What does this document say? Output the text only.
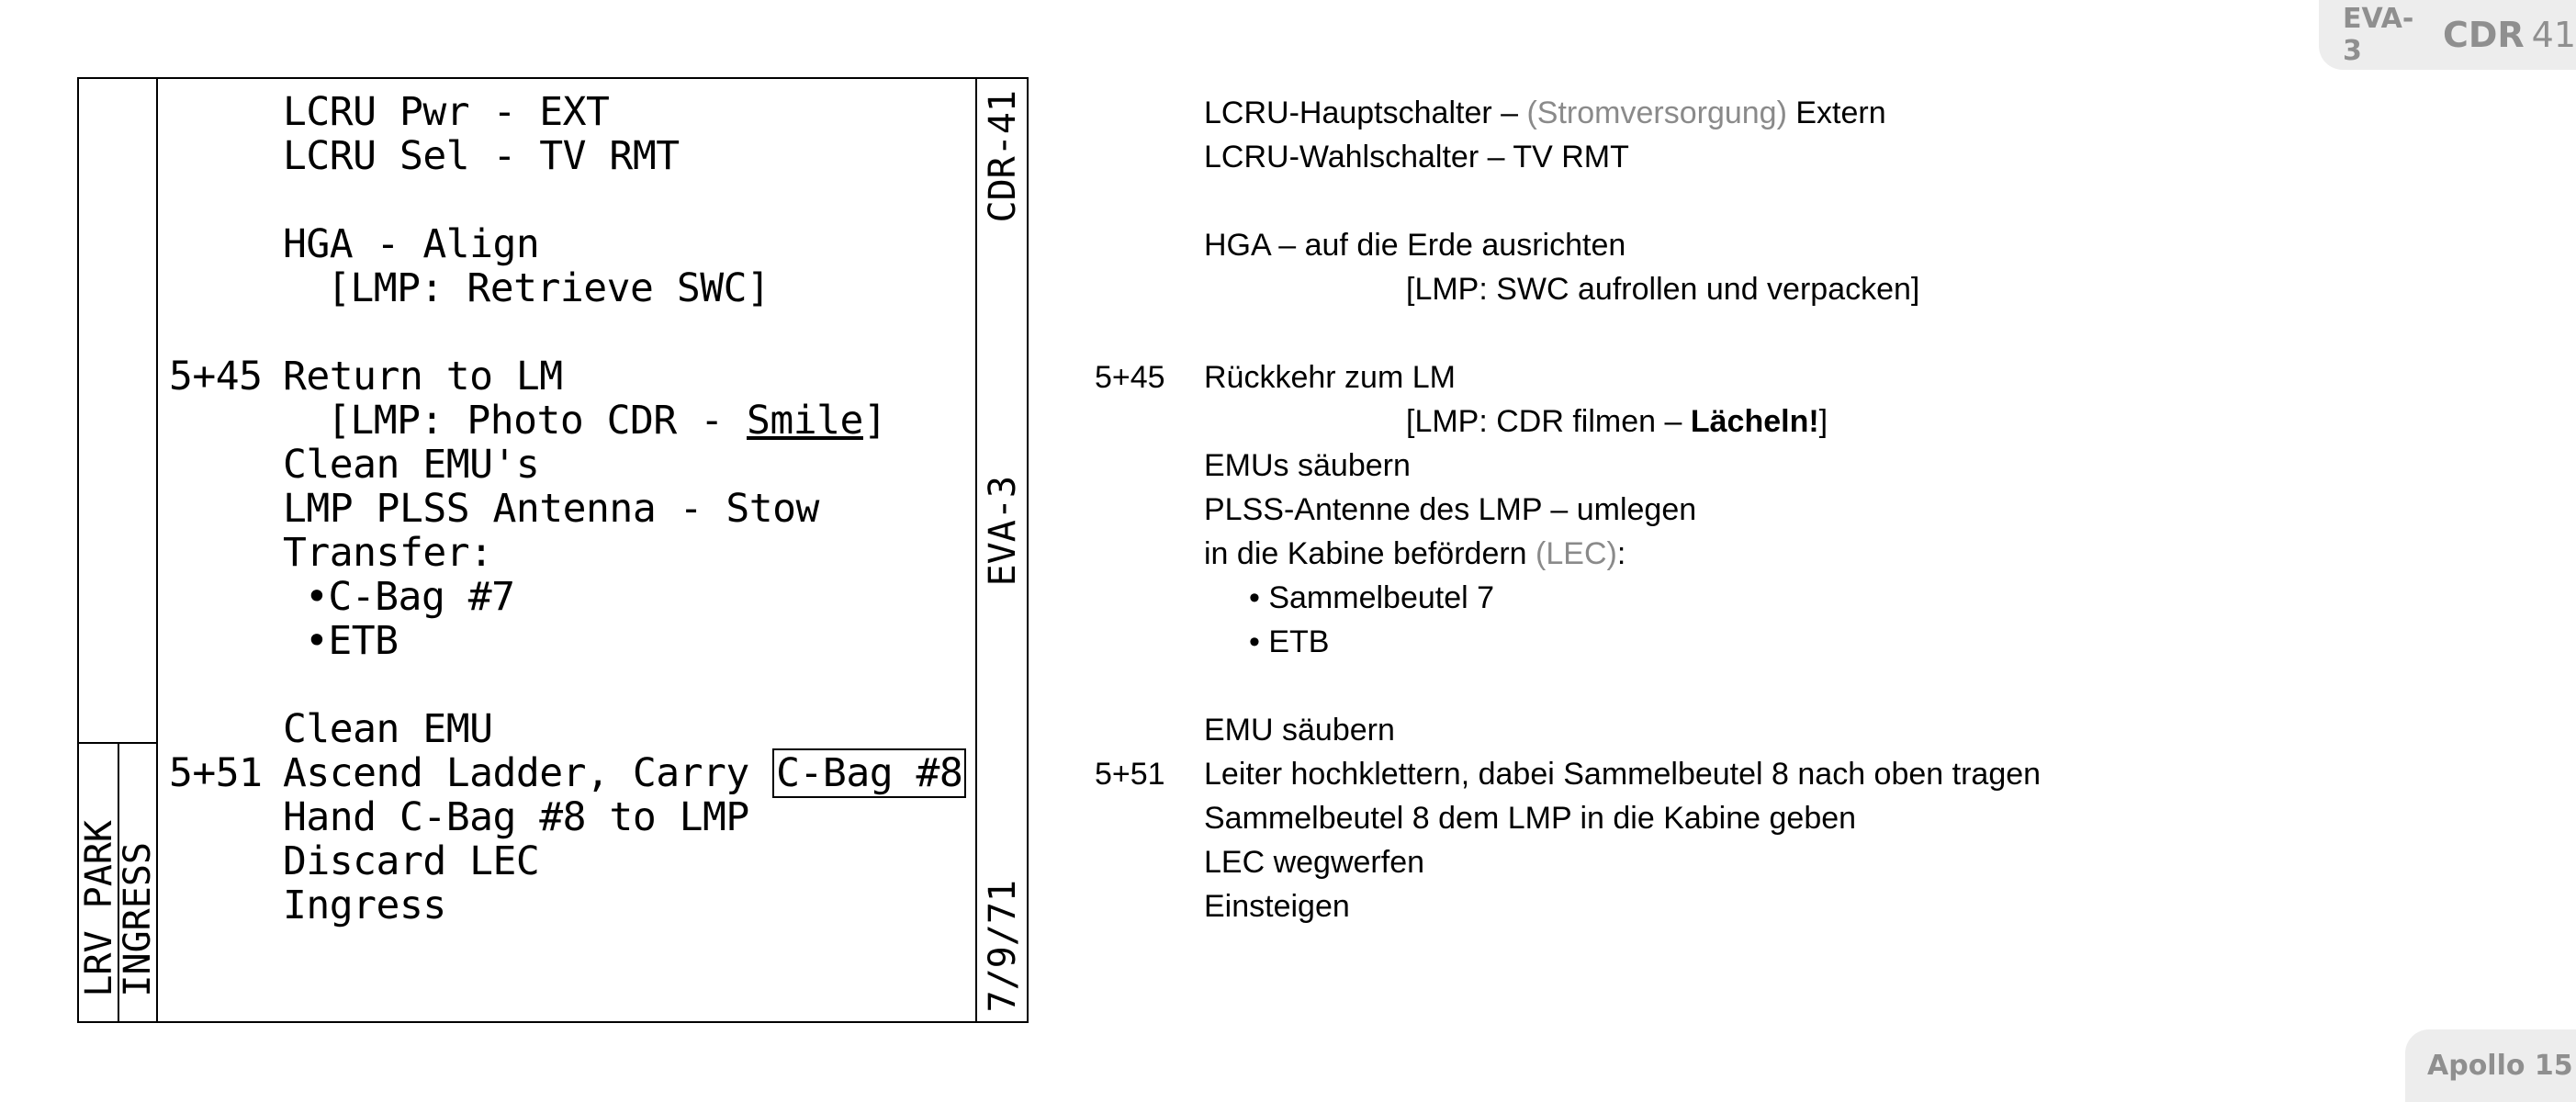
EVA-3	CDR 41
Apollo 15
LRV PARK
INGRESS
CDR-41
EVA-3
7/9/71
LCRU Pwr - EXT
LCRU Sel - TV RMT
HGA - Align
[LMP: Retrieve SWC]
5+45 Return to LM
[LMP: Photo CDR - Smile]
Clean EMU's
LMP PLSS Antenna - Stow
Transfer:
•C-Bag #7
•ETB
Clean EMU
5+51 Ascend Ladder, Carry C-Bag #8
Hand C-Bag #8 to LMP
Discard LEC
Ingress
LCRU-Hauptschalter – (Stromversorgung) Extern
LCRU-Wahlschalter – TV RMT
HGA – auf die Erde ausrichten
[LMP: SWC aufrollen und verpacken]
5+45 Rückkehr zum LM
[LMP: CDR filmen – Lächeln!]
EMUs säubern
PLSS-Antenne des LMP – umlegen
in die Kabine befördern (LEC):
• Sammelbeutel 7
• ETB
EMU säubern
5+51 Leiter hochklettern, dabei Sammelbeutel 8 nach oben tragen
Sammelbeutel 8 dem LMP in die Kabine geben
LEC wegwerfen
Einsteigen
